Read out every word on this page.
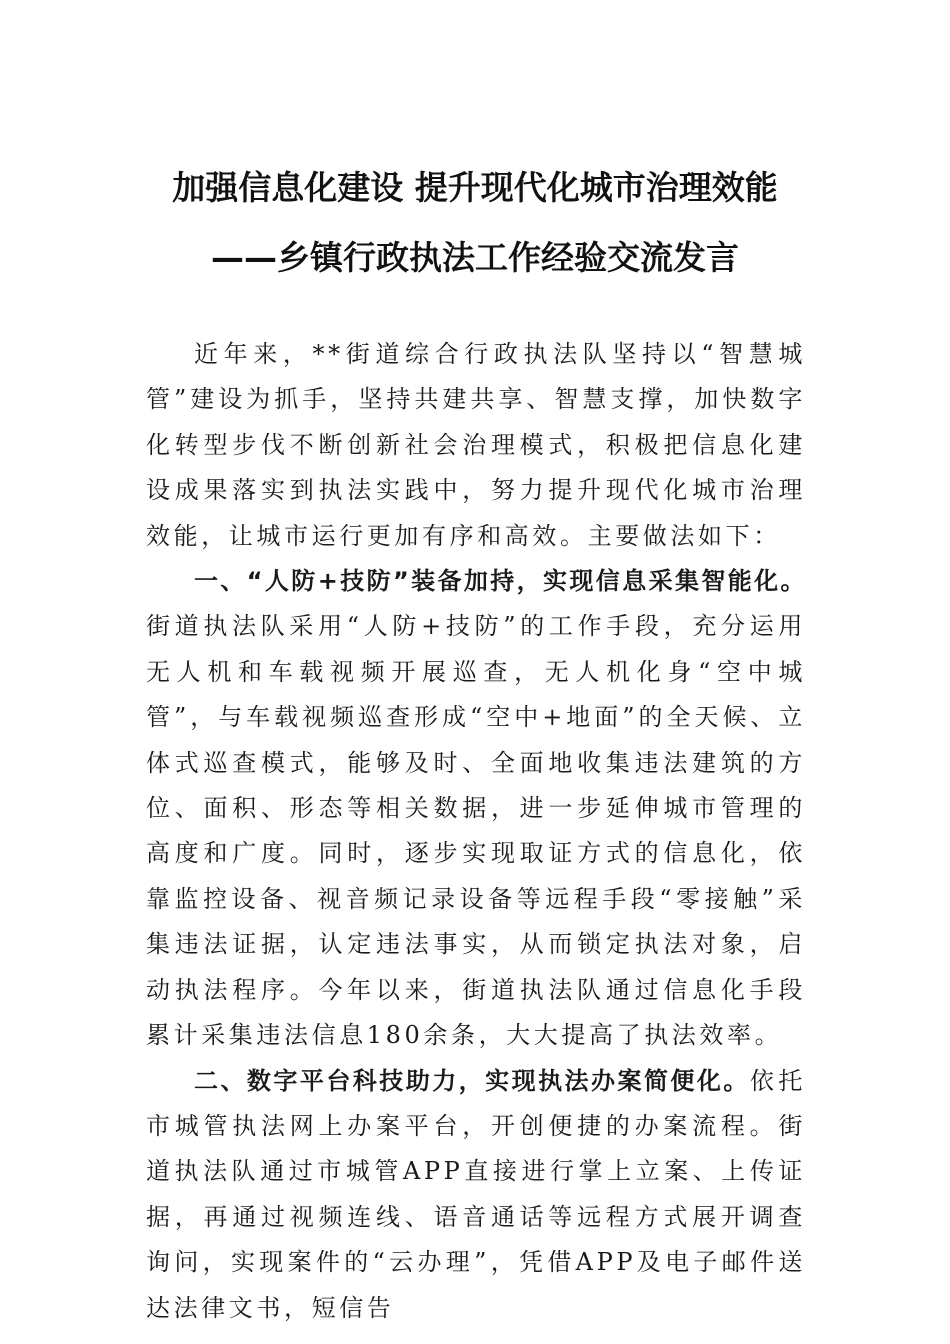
加强信息化建设 提升现代化城市治理效能
——乡镇行政执法工作经验交流发言

近年来，**街道综合行政执法队坚持以“智慧城管”建设为抓手，坚持共建共享、智慧支撑，加快数字化转型步伐不断创新社会治理模式，积极把信息化建设成果落实到执法实践中，努力提升现代化城市治理效能，让城市运行更加有序和高效。主要做法如下：

一、“人防+技防”装备加持，实现信息采集智能化。街道执法队采用“人防+技防”的工作手段，充分运用无人机和车载视频开展巡查，无人机化身“空中城管”，与车载视频巡查形成“空中+地面”的全天候、立体式巡查模式，能够及时、全面地收集违法建筑的方位、面积、形态等相关数据，进一步延伸城市管理的高度和广度。同时，逐步实现取证方式的信息化，依靠监控设备、视音频记录设备等远程手段“零接触”采集违法证据，认定违法事实，从而锁定执法对象，启动执法程序。今年以来，街道执法队通过信息化手段累计采集违法信息180余条，大大提高了执法效率。

二、数字平台科技助力，实现执法办案简便化。依托市城管执法网上办案平台，开创便捷的办案流程。街道执法队通过市城管APP直接进行掌上立案、上传证据，再通过视频连线、语音通话等远程方式展开调查询问，实现案件的“云办理”，凭借APP及电子邮件送达法律文书，短信告
